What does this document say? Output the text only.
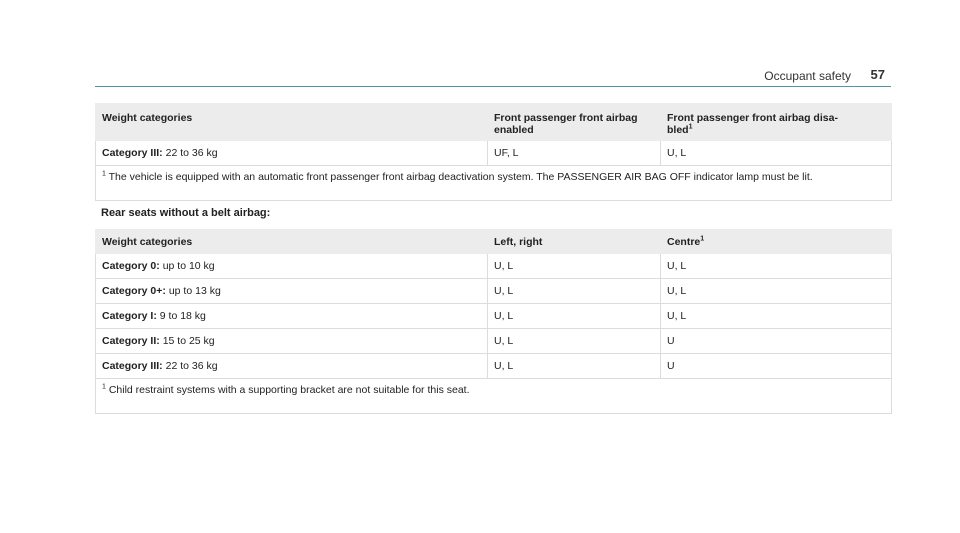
Occupant safety 57
Weight categories	Front passenger front airbag enabled	Front passenger front airbag disa-
bled$^1$
Category III: 22 to 36 kg	UF, L	U, L
$^1$ The vehicle is equipped with an automatic front passenger front airbag deactivation system. The PASSENGER AIR BAG OFF indicator lamp must be lit.		
Rear seats without a belt airbag:
Weight categories	Left, right	Centre$^1$
Category 0: up to 10 kg	U, L	U, L
Category 0+: up to 13 kg	U, L	U, L
Category I: 9 to 18 kg	U, L	U, L
Category II: 15 to 25 kg	U, L	U
Category III: 22 to 36 kg	U, L	U
$^1$ Child restraint systems with a supporting bracket are not suitable for this seat.		
